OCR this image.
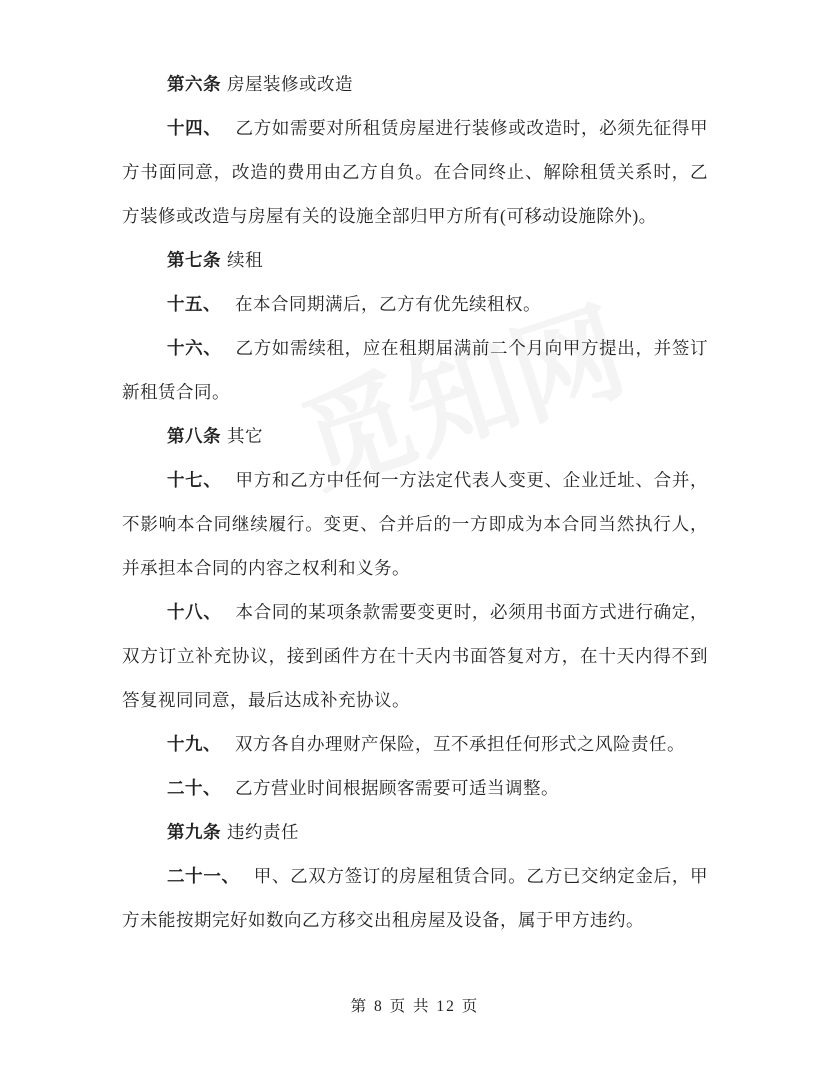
第六条 房屋装修或改造

十四、 乙方如需要对所租赁房屋进行装修或改造时，必须先征得甲方书面同意，改造的费用由乙方自负。在合同终止、解除租赁关系时，乙方装修或改造与房屋有关的设施全部归甲方所有(可移动设施除外)。

第七条 续租

十五、 在本合同期满后，乙方有优先续租权。

十六、 乙方如需续租，应在租期届满前二个月向甲方提出，并签订新租赁合同。

第八条 其它

十七、 甲方和乙方中任何一方法定代表人变更、企业迁址、合并，不影响本合同继续履行。变更、合并后的一方即成为本合同当然执行人，并承担本合同的内容之权利和义务。

十八、 本合同的某项条款需要变更时，必须用书面方式进行确定，双方订立补充协议，接到函件方在十天内书面答复对方，在十天内得不到答复视同同意，最后达成补充协议。

十九、 双方各自办理财产保险，互不承担任何形式之风险责任。

二十、 乙方营业时间根据顾客需要可适当调整。

第九条 违约责任

二十一、 甲、乙双方签订的房屋租赁合同。乙方已交纳定金后，甲方未能按期完好如数向乙方移交出租房屋及设备，属于甲方违约。

第 8 页 共 12 页
